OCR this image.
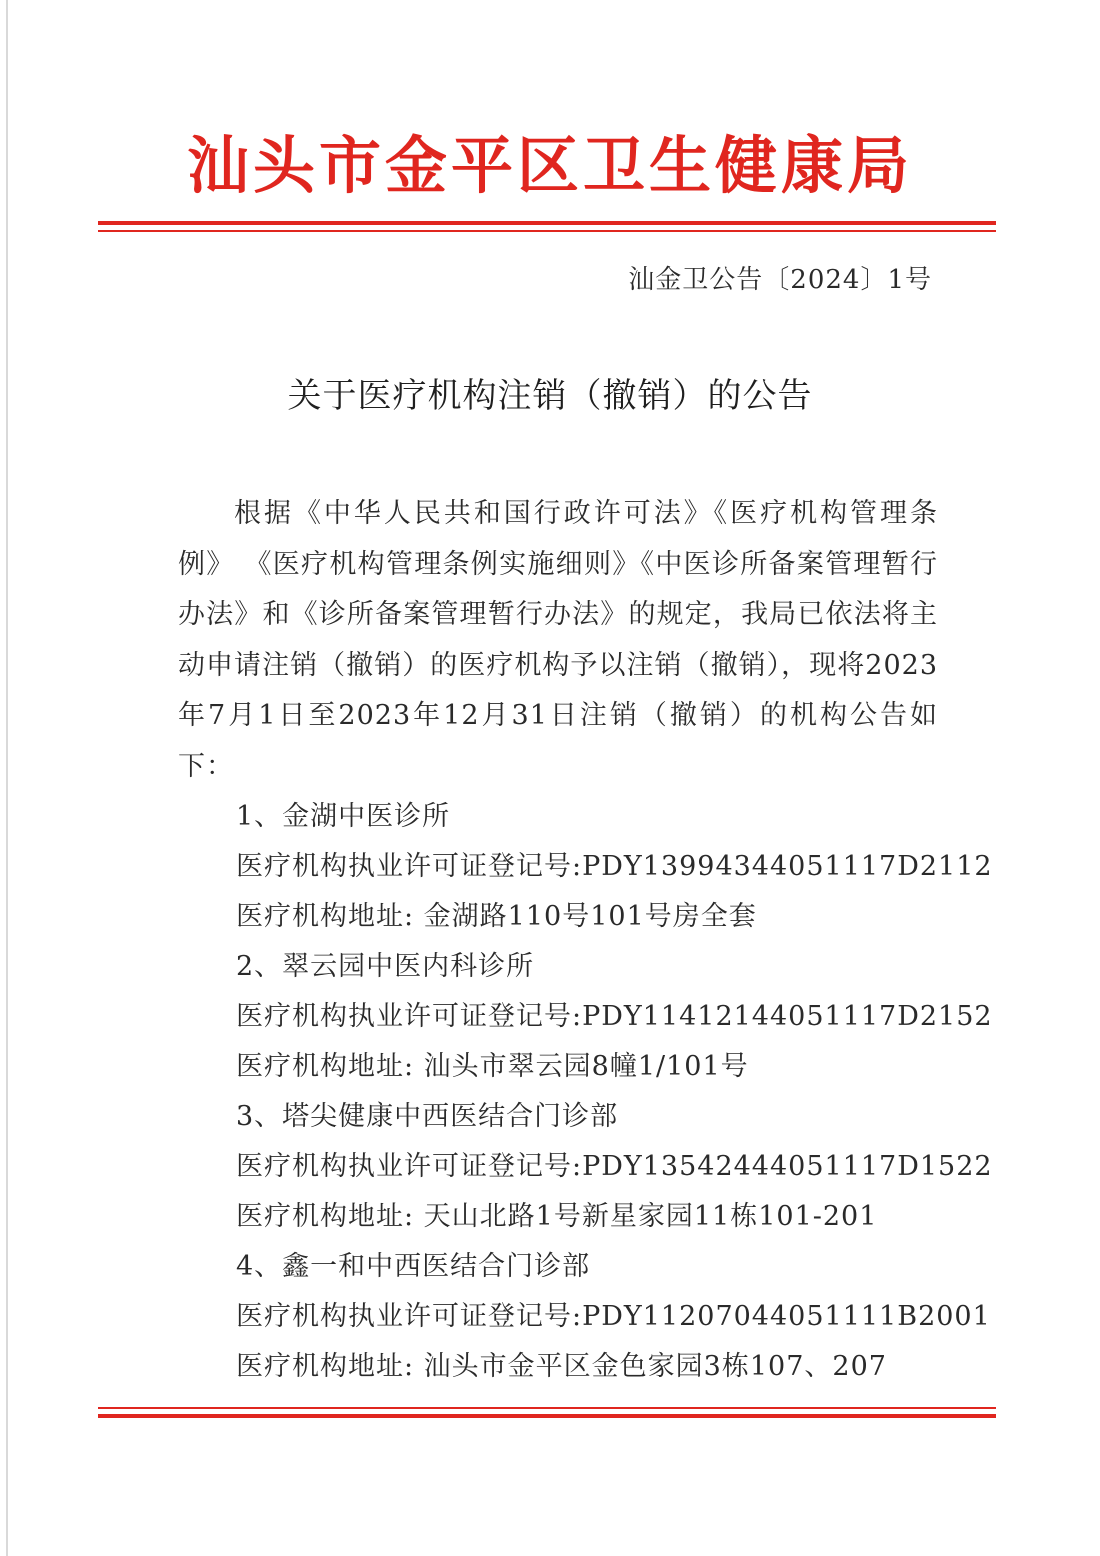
汕头市金平区卫生健康局
汕金卫公告〔2024〕1号
关于医疗机构注销（撤销）的公告
根据《中华人民共和国行政许可法》《医疗机构管理条例》 《医疗机构管理条例实施细则》《中医诊所备案管理暂行办法》和《诊所备案管理暂行办法》的规定，我局已依法将主动申请注销（撤销）的医疗机构予以注销（撤销），现将2023年7月1日至2023年12月31日注销（撤销）的机构公告如下：
1、金湖中医诊所
医疗机构执业许可证登记号:PDY13994344051117D2112
医疗机构地址: 金湖路110号101号房全套
2、翠云园中医内科诊所
医疗机构执业许可证登记号:PDY11412144051117D2152
医疗机构地址: 汕头市翠云园8幢1/101号
3、塔尖健康中西医结合门诊部
医疗机构执业许可证登记号:PDY13542444051117D1522
医疗机构地址: 天山北路1号新星家园11栋101-201
4、鑫一和中西医结合门诊部
医疗机构执业许可证登记号:PDY11207044051111B2001
医疗机构地址: 汕头市金平区金色家园3栋107、207
